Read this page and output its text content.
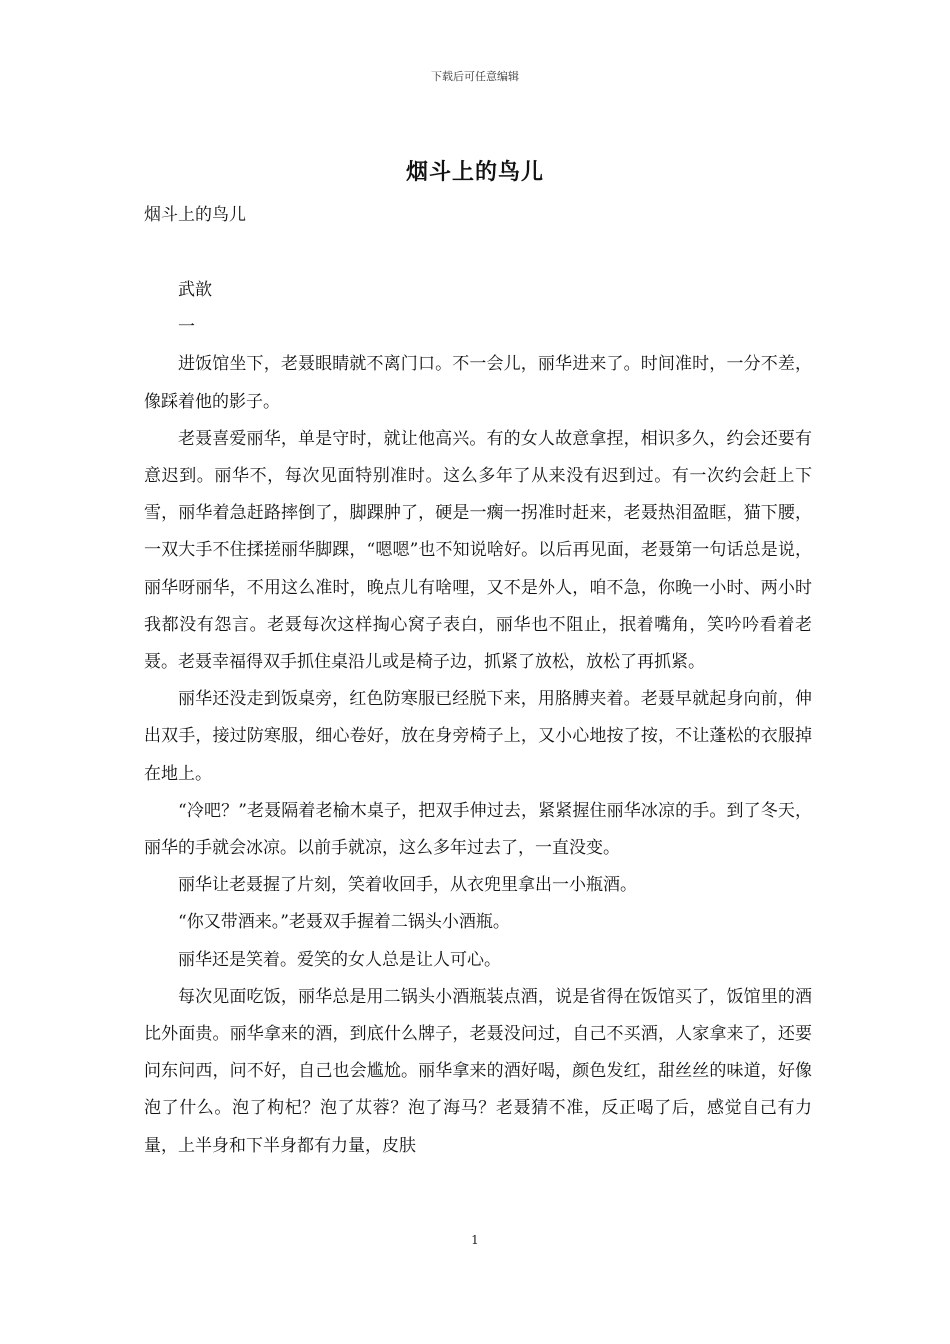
下载后可任意编辑
烟斗上的鸟儿
烟斗上的鸟儿

武歆

一

进饭馆坐下，老聂眼睛就不离门口。不一会儿，丽华进来了。时间准时，一分不差，像踩着他的影子。

老聂喜爱丽华，单是守时，就让他高兴。有的女人故意拿捏，相识多久，约会还要有意迟到。丽华不，每次见面特别准时。这么多年了从来没有迟到过。有一次约会赶上下雪，丽华着急赶路摔倒了，脚踝肿了，硬是一瘸一拐准时赶来，老聂热泪盈眶，猫下腰，一双大手不住揉搓丽华脚踝，“嗯嗯”也不知说啥好。以后再见面，老聂第一句话总是说，丽华呀丽华，不用这么准时，晚点儿有啥哩，又不是外人，咱不急，你晚一小时、两小时我都没有怨言。老聂每次这样掏心窝子表白，丽华也不阻止，抿着嘴角，笑吟吟看着老聂。老聂幸福得双手抓住桌沿儿或是椅子边，抓紧了放松，放松了再抓紧。

丽华还没走到饭桌旁，红色防寒服已经脱下来，用胳膊夹着。老聂早就起身向前，伸出双手，接过防寒服，细心卷好，放在身旁椅子上，又小心地按了按，不让蓬松的衣服掉在地上。

“冷吧？”老聂隔着老榆木桌子，把双手伸过去，紧紧握住丽华冰凉的手。到了冬天，丽华的手就会冰凉。以前手就凉，这么多年过去了，一直没变。

丽华让老聂握了片刻，笑着收回手，从衣兜里拿出一小瓶酒。

“你又带酒来。”老聂双手握着二锅头小酒瓶。

丽华还是笑着。爱笑的女人总是让人可心。

每次见面吃饭，丽华总是用二锅头小酒瓶装点酒，说是省得在饭馆买了，饭馆里的酒比外面贵。丽华拿来的酒，到底什么牌子，老聂没问过，自己不买酒，人家拿来了，还要问东问西，问不好，自己也会尴尬。丽华拿来的酒好喝，颜色发红，甜丝丝的味道，好像泡了什么。泡了枸杞？泡了苁蓉？泡了海马？老聂猜不准，反正喝了后，感觉自己有力量，上半身和下半身都有力量，皮肤

1
